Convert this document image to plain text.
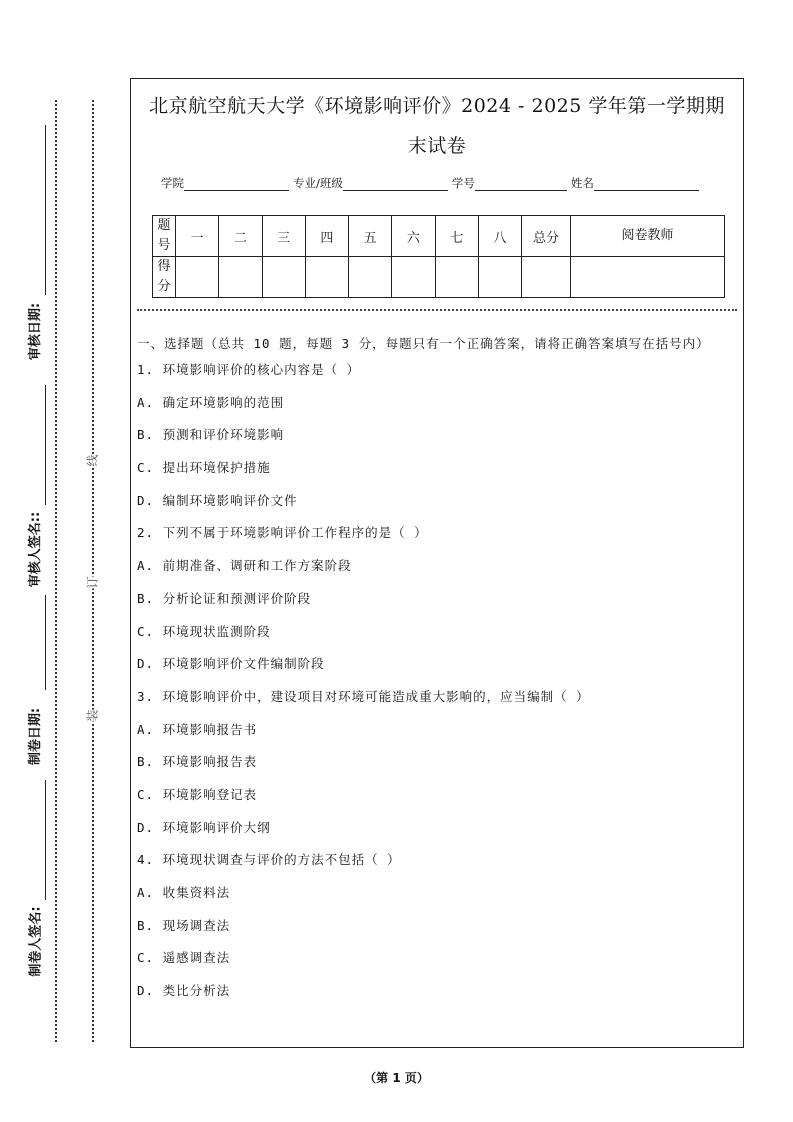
审核日期:
审核人签名::
制卷日期:
制卷人签名:
线
订
装
北京航空航天大学《环境影响评价》2024 - 2025 学年第一学期期
末试卷
学院	专业/班级	学号	姓名
题号	一	二	三	四	五	六	七	八	总分	阅卷教师
得分										
一、选择题（总共 10 题，每题 3 分，每题只有一个正确答案，请将正确答案填写在括号内）
1. 环境影响评价的核心内容是（ ）
A. 确定环境影响的范围
B. 预测和评价环境影响
C. 提出环境保护措施
D. 编制环境影响评价文件
2. 下列不属于环境影响评价工作程序的是（ ）
A. 前期准备、调研和工作方案阶段
B. 分析论证和预测评价阶段
C. 环境现状监测阶段
D. 环境影响评价文件编制阶段
3. 环境影响评价中，建设项目对环境可能造成重大影响的，应当编制（ ）
A. 环境影响报告书
B. 环境影响报告表
C. 环境影响登记表
D. 环境影响评价大纲
4. 环境现状调查与评价的方法不包括（ ）
A. 收集资料法
B. 现场调查法
C. 遥感调查法
D. 类比分析法
（第 1 页）
